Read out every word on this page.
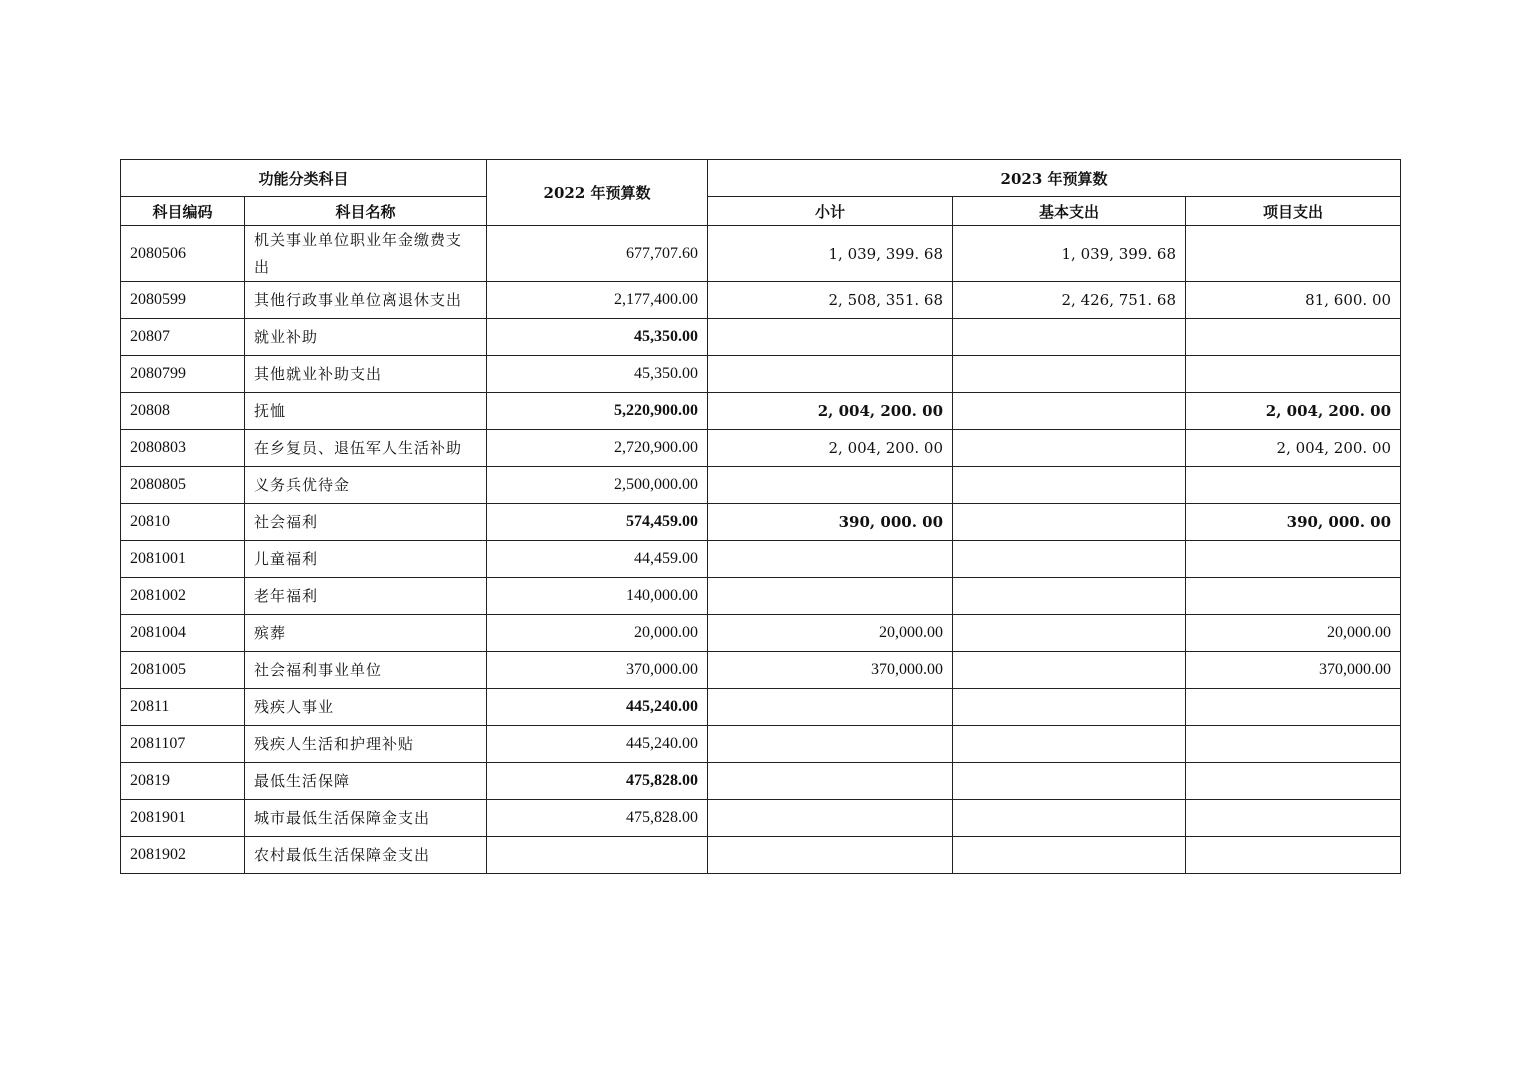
功能分类科目		2022 年预算数	2023 年预算数		
科目编码	科目名称		小计	基本支出	项目支出
2080506	机关事业单位职业年金缴费支出	677,707.60	1, 039, 399. 68	1, 039, 399. 68	
2080599	其他行政事业单位离退休支出	2,177,400.00	2, 508, 351. 68	2, 426, 751. 68	81, 600. 00
20807	就业补助	45,350.00			
2080799	其他就业补助支出	45,350.00			
20808	抚恤	5,220,900.00	2, 004, 200. 00		2, 004, 200. 00
2080803	在乡复员、退伍军人生活补助	2,720,900.00	2, 004, 200. 00		2, 004, 200. 00
2080805	义务兵优待金	2,500,000.00			
20810	社会福利	574,459.00	390, 000. 00		390, 000. 00
2081001	儿童福利	44,459.00			
2081002	老年福利	140,000.00			
2081004	殡葬	20,000.00	20,000.00		20,000.00
2081005	社会福利事业单位	370,000.00	370,000.00		370,000.00
20811	残疾人事业	445,240.00			
2081107	残疾人生活和护理补贴	445,240.00			
20819	最低生活保障	475,828.00			
2081901	城市最低生活保障金支出	475,828.00			
2081902	农村最低生活保障金支出				
